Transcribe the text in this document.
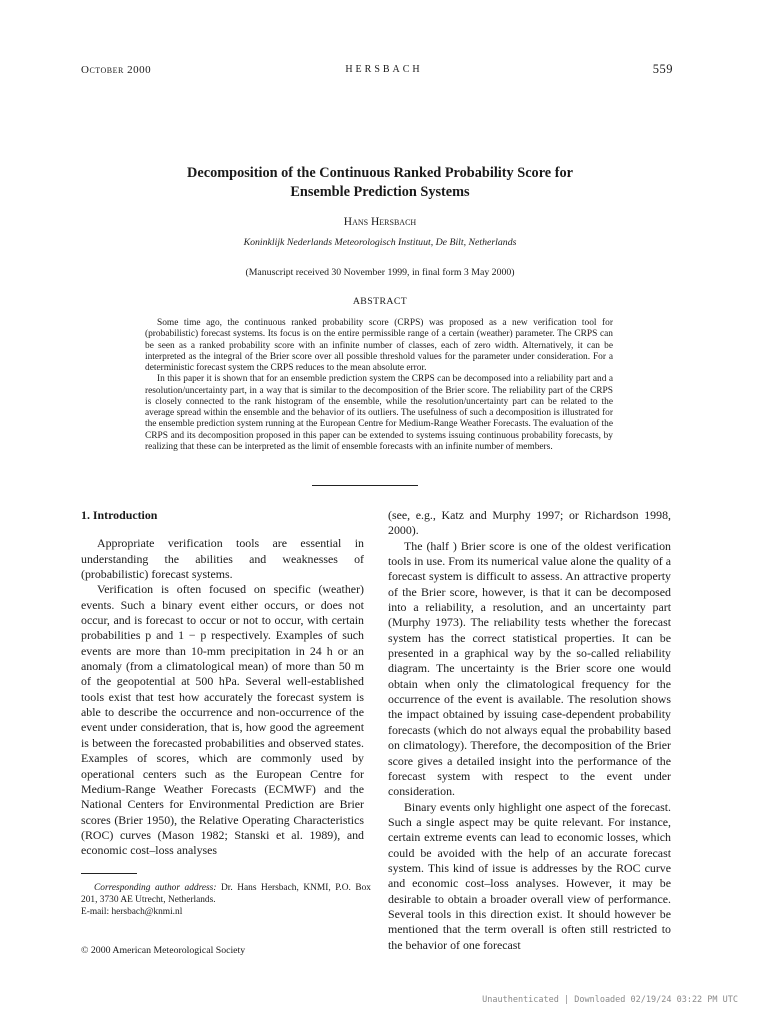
October 2000	HERSBACH	559
Decomposition of the Continuous Ranked Probability Score for
Ensemble Prediction Systems
Hans Hersbach
Koninklijk Nederlands Meteorologisch Instituut, De Bilt, Netherlands
(Manuscript received 30 November 1999, in final form 3 May 2000)
ABSTRACT

Some time ago, the continuous ranked probability score (CRPS) was proposed as a new verification tool for (probabilistic) forecast systems. Its focus is on the entire permissible range of a certain (weather) parameter. The CRPS can be seen as a ranked probability score with an infinite number of classes, each of zero width. Alternatively, it can be interpreted as the integral of the Brier score over all possible threshold values for the parameter under consideration. For a deterministic forecast system the CRPS reduces to the mean absolute error.

In this paper it is shown that for an ensemble prediction system the CRPS can be decomposed into a reliability part and a resolution/uncertainty part, in a way that is similar to the decomposition of the Brier score. The reliability part of the CRPS is closely connected to the rank histogram of the ensemble, while the resolution/uncertainty part can be related to the average spread within the ensemble and the behavior of its outliers. The usefulness of such a decomposition is illustrated for the ensemble prediction system running at the European Centre for Medium-Range Weather Forecasts. The evaluation of the CRPS and its decomposition proposed in this paper can be extended to systems issuing continuous probability forecasts, by realizing that these can be interpreted as the limit of ensemble forecasts with an infinite number of members.

1. Introduction

Appropriate verification tools are essential in understanding the abilities and weaknesses of (probabilistic) forecast systems.

Verification is often focused on specific (weather) events. Such a binary event either occurs, or does not occur, and is forecast to occur or not to occur, with certain probabilities p and 1 − p respectively. Examples of such events are more than 10-mm precipitation in 24 h or an anomaly (from a climatological mean) of more than 50 m of the geopotential at 500 hPa. Several well-established tools exist that test how accurately the forecast system is able to describe the occurrence and non-occurrence of the event under consideration, that is, how good the agreement is between the forecasted probabilities and observed states. Examples of scores, which are commonly used by operational centers such as the European Centre for Medium-Range Weather Forecasts (ECMWF) and the National Centers for Environmental Prediction are Brier scores (Brier 1950), the Relative Operating Characteristics (ROC) curves (Mason 1982; Stanski et al. 1989), and economic cost–loss analyses

(see, e.g., Katz and Murphy 1997; or Richardson 1998, 2000).

The (half ) Brier score is one of the oldest verification tools in use. From its numerical value alone the quality of a forecast system is difficult to assess. An attractive property of the Brier score, however, is that it can be decomposed into a reliability, a resolution, and an uncertainty part (Murphy 1973). The reliability tests whether the forecast system has the correct statistical properties. It can be presented in a graphical way by the so-called reliability diagram. The uncertainty is the Brier score one would obtain when only the climatological frequency for the occurrence of the event is available. The resolution shows the impact obtained by issuing case-dependent probability forecasts (which do not always equal the probability based on climatology). Therefore, the decomposition of the Brier score gives a detailed insight into the performance of the forecast system with respect to the event under consideration.

Binary events only highlight one aspect of the forecast. Such a single aspect may be quite relevant. For instance, certain extreme events can lead to economic losses, which could be avoided with the help of an accurate forecast system. This kind of issue is addresses by the ROC curve and economic cost–loss analyses. However, it may be desirable to obtain a broader overall view of performance. Several tools in this direction exist. It should however be mentioned that the term overall is often still restricted to the behavior of one forecast

Corresponding author address: Dr. Hans Hersbach, KNMI, P.O. Box 201, 3730 AE Utrecht, Netherlands.

E-mail: hersbach@knmi.nl

© 2000 American Meteorological Society
Unauthenticated | Downloaded 02/19/24 03:22 PM UTC
